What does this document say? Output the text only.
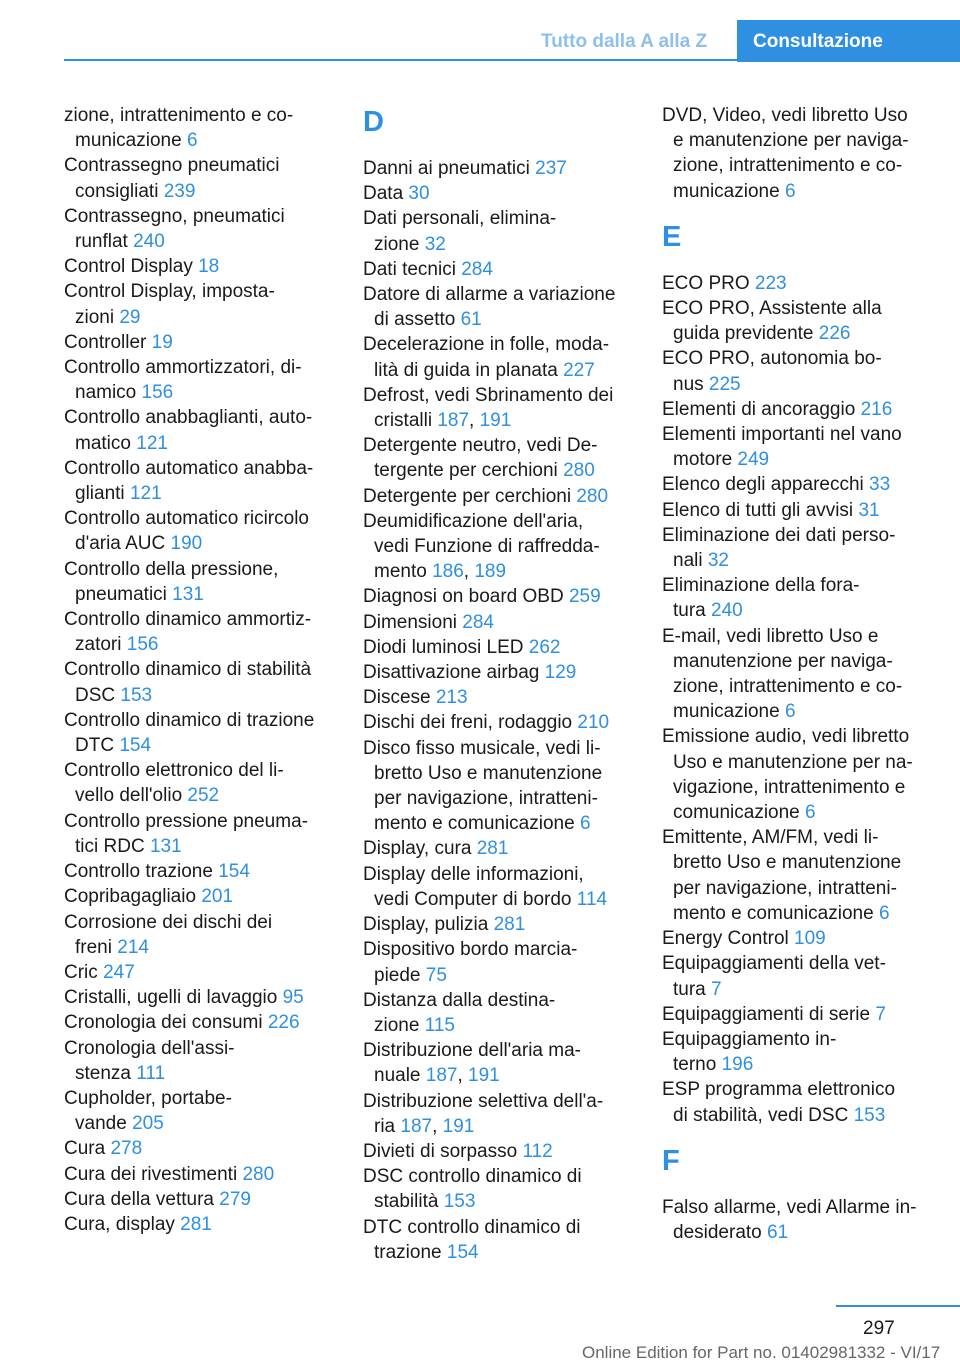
Tutto dalla A alla Z	Consultazione
zione, intrattenimento e co-
municazione 6
Contrassegno pneumatici
consigliati 239
Contrassegno, pneumatici
runflat 240
Control Display 18
Control Display, imposta-
zioni 29
Controller 19
Controllo ammortizzatori, di-
namico 156
Controllo anabbaglianti, auto-
matico 121
Controllo automatico anabba-
glianti 121
Controllo automatico ricircolo
d'aria AUC 190
Controllo della pressione,
pneumatici 131
Controllo dinamico ammortiz-
zatori 156
Controllo dinamico di stabilità
DSC 153
Controllo dinamico di trazione
DTC 154
Controllo elettronico del li-
vello dell'olio 252
Controllo pressione pneuma-
tici RDC 131
Controllo trazione 154
Copribagagliaio 201
Corrosione dei dischi dei
freni 214
Cric 247
Cristalli, ugelli di lavaggio 95
Cronologia dei consumi 226
Cronologia dell'assi-
stenza 111
Cupholder, portabe-
vande 205
Cura 278
Cura dei rivestimenti 280
Cura della vettura 279
Cura, display 281
D
Danni ai pneumatici 237
Data 30
Dati personali, elimina-
zione 32
Dati tecnici 284
Datore di allarme a variazione
di assetto 61
Decelerazione in folle, moda-
lità di guida in planata 227
Defrost, vedi Sbrinamento dei
cristalli 187, 191
Detergente neutro, vedi De-
tergente per cerchioni 280
Detergente per cerchioni 280
Deumidificazione dell'aria,
vedi Funzione di raffredda-
mento 186, 189
Diagnosi on board OBD 259
Dimensioni 284
Diodi luminosi LED 262
Disattivazione airbag 129
Discese 213
Dischi dei freni, rodaggio 210
Disco fisso musicale, vedi li-
bretto Uso e manutenzione
per navigazione, intratteni-
mento e comunicazione 6
Display, cura 281
Display delle informazioni,
vedi Computer di bordo 114
Display, pulizia 281
Dispositivo bordo marcia-
piede 75
Distanza dalla destina-
zione 115
Distribuzione dell'aria ma-
nuale 187, 191
Distribuzione selettiva dell'a-
ria 187, 191
Divieti di sorpasso 112
DSC controllo dinamico di
stabilità 153
DTC controllo dinamico di
trazione 154
DVD, Video, vedi libretto Uso
e manutenzione per naviga-
zione, intrattenimento e co-
municazione 6
E
ECO PRO 223
ECO PRO, Assistente alla
guida previdente 226
ECO PRO, autonomia bo-
nus 225
Elementi di ancoraggio 216
Elementi importanti nel vano
motore 249
Elenco degli apparecchi 33
Elenco di tutti gli avvisi 31
Eliminazione dei dati perso-
nali 32
Eliminazione della fora-
tura 240
E-mail, vedi libretto Uso e
manutenzione per naviga-
zione, intrattenimento e co-
municazione 6
Emissione audio, vedi libretto
Uso e manutenzione per na-
vigazione, intrattenimento e
comunicazione 6
Emittente, AM/FM, vedi li-
bretto Uso e manutenzione
per navigazione, intratteni-
mento e comunicazione 6
Energy Control 109
Equipaggiamenti della vet-
tura 7
Equipaggiamenti di serie 7
Equipaggiamento in-
terno 196
ESP programma elettronico
di stabilità, vedi DSC 153
F
Falso allarme, vedi Allarme in-
desiderato 61
297
Online Edition for Part no. 01402981332 - VI/17
